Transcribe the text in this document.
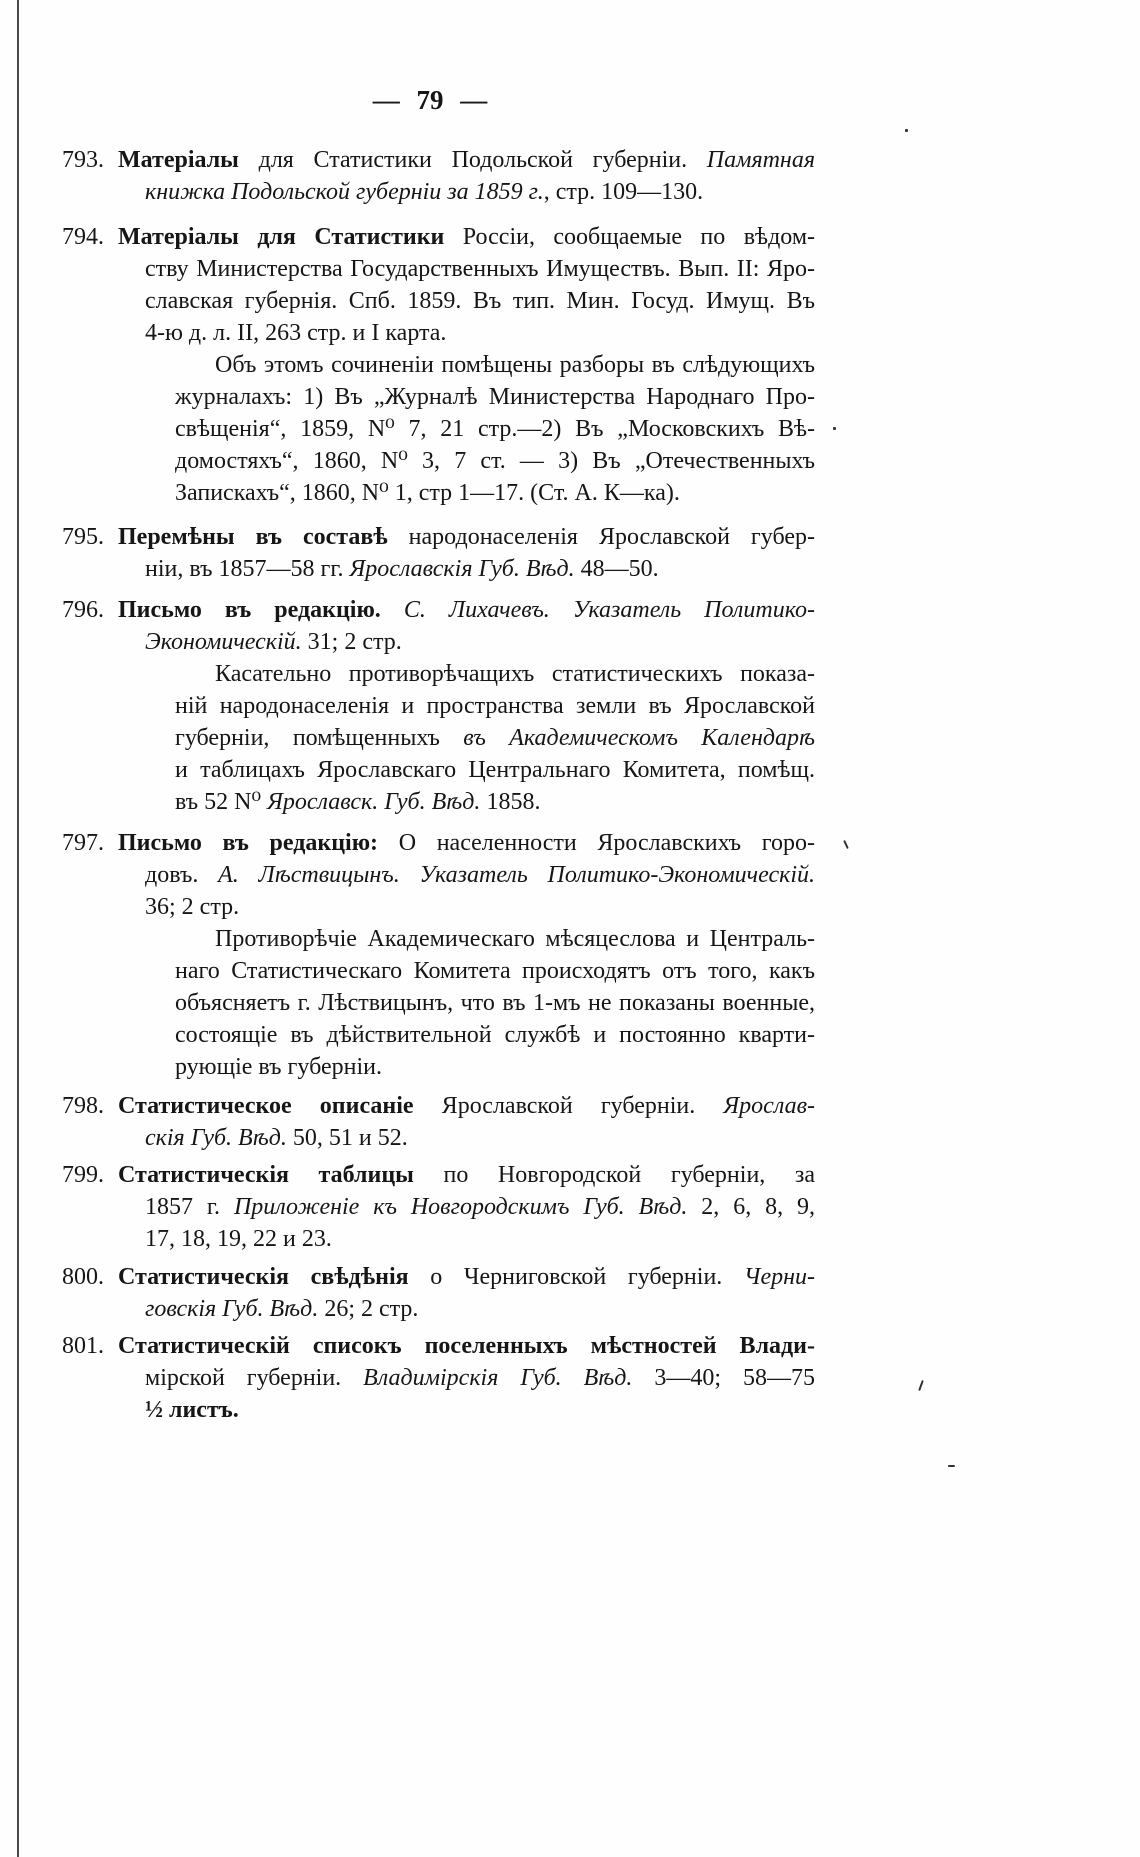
— 79 —
793. Матеріалы для Статистики Подольской губерніи. Памятная
книжка Подольской губерніи за 1859 г., стр. 109—130.
794. Матеріалы для Статистики Россіи, сообщаемые по вѣдом-
ству Министерства Государственныхъ Имуществъ. Вып. II: Яро-
славская губернія. Спб. 1859. Въ тип. Мин. Госуд. Имущ. Въ
4-ю д. л. II, 263 стр. и I карта.
Объ этомъ сочиненіи помѣщены разборы въ слѣдующихъ
журналахъ: 1) Въ „Журналѣ Министерства Народнаго Про-
свѣщенія“, 1859, N⁰ 7, 21 стр.—2) Въ „Московскихъ Вѣ-
домостяхъ“, 1860, N⁰ 3, 7 ст. — 3) Въ „Отечественныхъ
Запискахъ“, 1860, N⁰ 1, стр 1—17. (Ст. А. К—ка).
795. Перемѣны въ составѣ народонаселенія Ярославской губер-
ніи, въ 1857—58 гг. Ярославскія Губ. Вѣд. 48—50.
796. Письмо въ редакцію. С. Лихачевъ. Указатель Политико-
Экономическій. 31; 2 стр.
Касательно противорѣчащихъ статистическихъ показа-
ній народонаселенія и пространства земли въ Ярославской
губерніи, помѣщенныхъ въ Академическомъ Календарѣ
и таблицахъ Ярославскаго Центральнаго Комитета, помѣщ.
въ 52 N⁰ Ярославск. Губ. Вѣд. 1858.
797. Письмо въ редакцію: О населенности Ярославскихъ горо-
довъ. А. Лѣствицынъ. Указатель Политико-Экономическій.
36; 2 стр.
Противорѣчіе Академическаго мѣсяцеслова и Централь-
наго Статистическаго Комитета происходятъ отъ того, какъ
объясняетъ г. Лѣствицынъ, что въ 1-мъ не показаны военные,
состоящіе въ дѣйствительной службѣ и постоянно кварти-
рующіе въ губерніи.
798. Статистическое описаніе Ярославской губерніи. Ярослав-
скія Губ. Вѣд. 50, 51 и 52.
799. Статистическія таблицы по Новгородской губерніи, за
1857 г. Приложеніе къ Новгородскимъ Губ. Вѣд. 2, 6, 8, 9,
17, 18, 19, 22 и 23.
800. Статистическія свѣдѣнія о Черниговской губерніи. Черни-
говскія Губ. Вѣд. 26; 2 стр.
801. Статистическій списокъ поселенныхъ мѣстностей Влади-
мірской губерніи. Владимірскія Губ. Вѣд. 3—40; 58—75
½ листъ.
